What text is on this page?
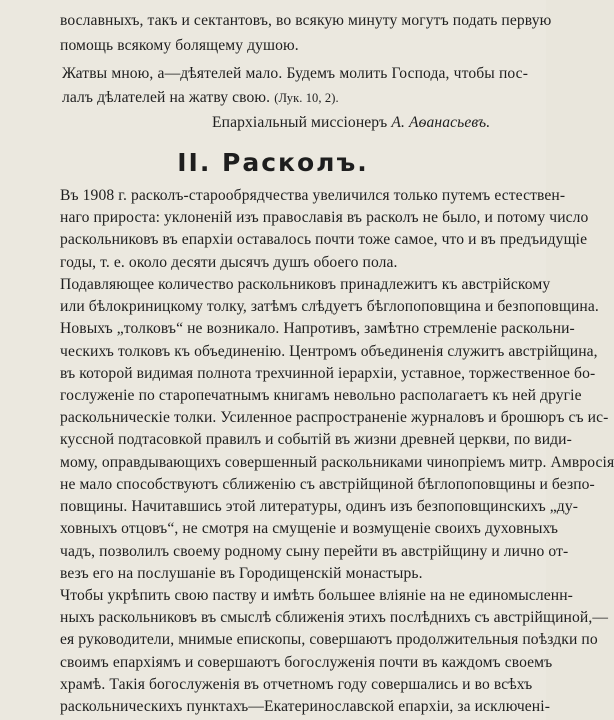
вославныхъ, такъ и сектантовъ, во всякую минуту могутъ подать первую
помощь всякому болящему душою.
Жатвы мною, а—дѣятелей мало. Будемъ молить Господа, чтобы пос-
лалъ дѣлателей на жатву свою. (Лук. 10, 2).
Епархіальный миссіонеръ А. Аѳанасьевъ.
II. Расколъ.
Въ 1908 г. расколъ-старообрядчества увеличился только путемъ естествен-
наго прироста: уклоненій изъ православія въ расколъ не было, и потому число
раскольниковъ въ епархіи оставалось почти тоже самое, что и въ предъидущіе
годы, т. е. около десяти дысячъ душъ обоего пола.
Подавляющее количество раскольниковъ принадлежитъ къ австрійскому
или бѣлокриницкому толку, затѣмъ слѣдуетъ бѣглопоповщина и безпоповщина.
Новыхъ „толковъ“ не возникало. Напротивъ, замѣтно стремленіе раскольни-
ческихъ толковъ къ объединенію. Центромъ объединенія служитъ австрійщина,
въ которой видимая полнота трехчинной іерархіи, уставное, торжественное бо-
гослуженіе по старопечатнымъ книгамъ невольно располагаетъ къ ней другіе
раскольническіе толки. Усиленное распространеніе журналовъ и брошюръ съ ис-
кусcной подтасовкой правилъ и событій въ жизни древней церкви, по види-
мому, оправдывающихъ совершенный раскольниками чинопріемъ митр. Амвросія
не мало способствуютъ сближенію съ австрійщиной бѣглопоповщины и безпо-
повщины. Начитавшись этой литературы, одинъ изъ безпоповщинскихъ „ду-
ховныхъ отцовъ“, не смотря на смущеніе и возмущеніе своихъ духовныхъ
чадъ, позволилъ своему родному сыну перейти въ австрійщину и лично от-
везъ его на послушаніе въ Городищенскій монастырь.
Чтобы укрѣпить свою паству и имѣть большее вліяніе на не единомысленн-
ныхъ раскольниковъ въ смыслѣ сближенія этихъ послѣднихъ съ австрійщиной,—
ея руководители, мнимые епископы, совершаютъ продолжительныя поѣздки по
своимъ епархіямъ и совершаютъ богослуженія почти въ каждомъ своемъ
храмѣ. Такія богослуженія въ отчетномъ году совершались и во всѣхъ
раскольническихъ пунктахъ—Екатеринославской епархіи, за исключені-
